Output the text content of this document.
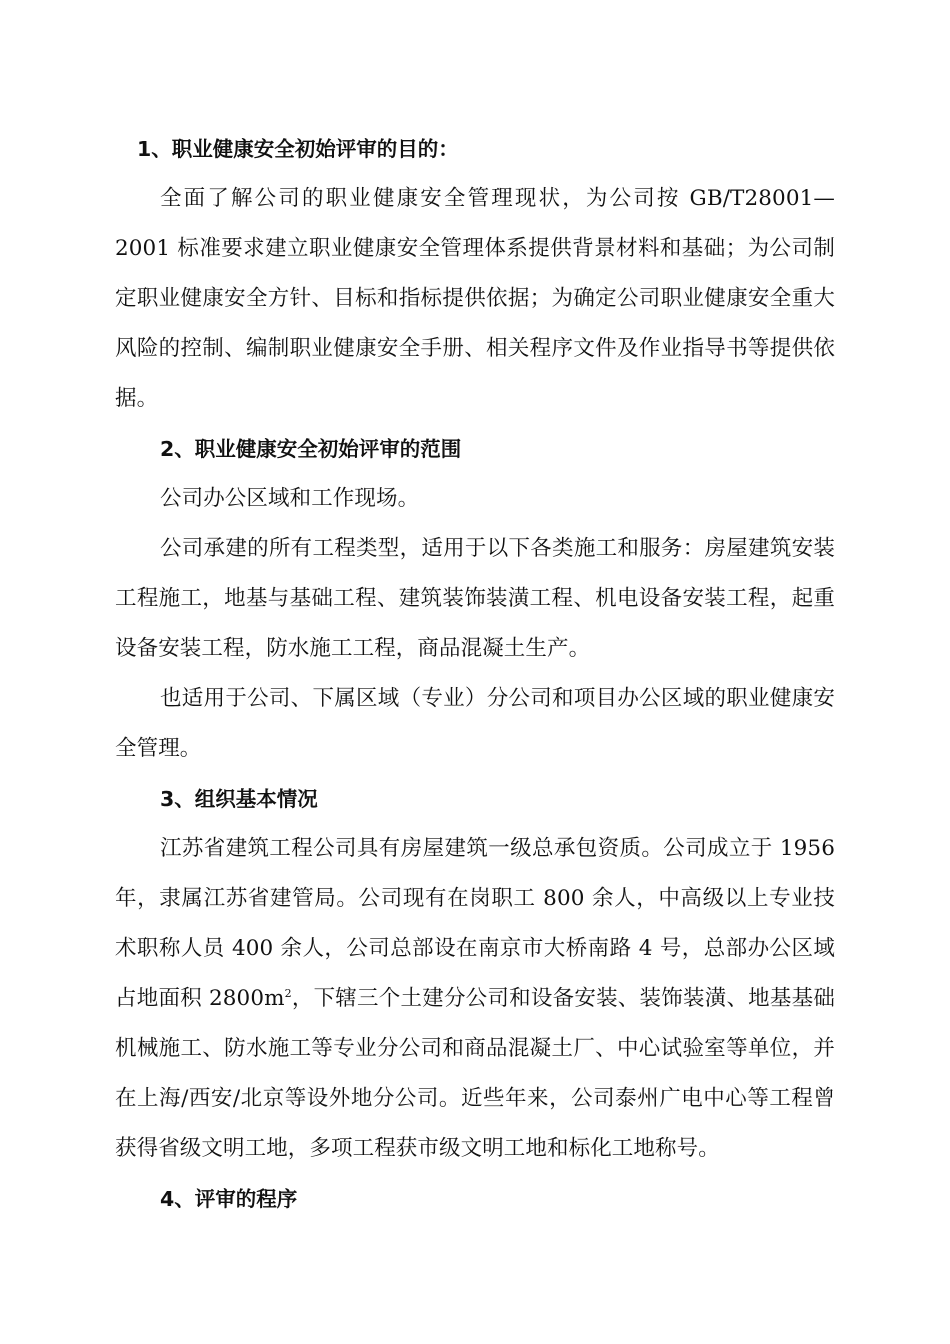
1、职业健康安全初始评审的目的：
全面了解公司的职业健康安全管理现状，为公司按 GB/T28001—2001 标准要求建立职业健康安全管理体系提供背景材料和基础；为公司制定职业健康安全方针、目标和指标提供依据；为确定公司职业健康安全重大风险的控制、编制职业健康安全手册、相关程序文件及作业指导书等提供依据。
2、职业健康安全初始评审的范围
公司办公区域和工作现场。
公司承建的所有工程类型，适用于以下各类施工和服务：房屋建筑安装工程施工，地基与基础工程、建筑装饰装潢工程、机电设备安装工程，起重设备安装工程，防水施工工程，商品混凝土生产。
也适用于公司、下属区域（专业）分公司和项目办公区域的职业健康安全管理。
3、组织基本情况
江苏省建筑工程公司具有房屋建筑一级总承包资质。公司成立于 1956 年，隶属江苏省建管局。公司现有在岗职工 800 余人，中高级以上专业技术职称人员 400 余人，公司总部设在南京市大桥南路 4 号，总部办公区域占地面积 $2800m^2$，下辖三个土建分公司和设备安装、装饰装潢、地基基础机械施工、防水施工等专业分公司和商品混凝土厂、中心试验室等单位，并在上海/西安/北京等设外地分公司。近些年来，公司泰州广电中心等工程曾获得省级文明工地，多项工程获市级文明工地和标化工地称号。
4、评审的程序
